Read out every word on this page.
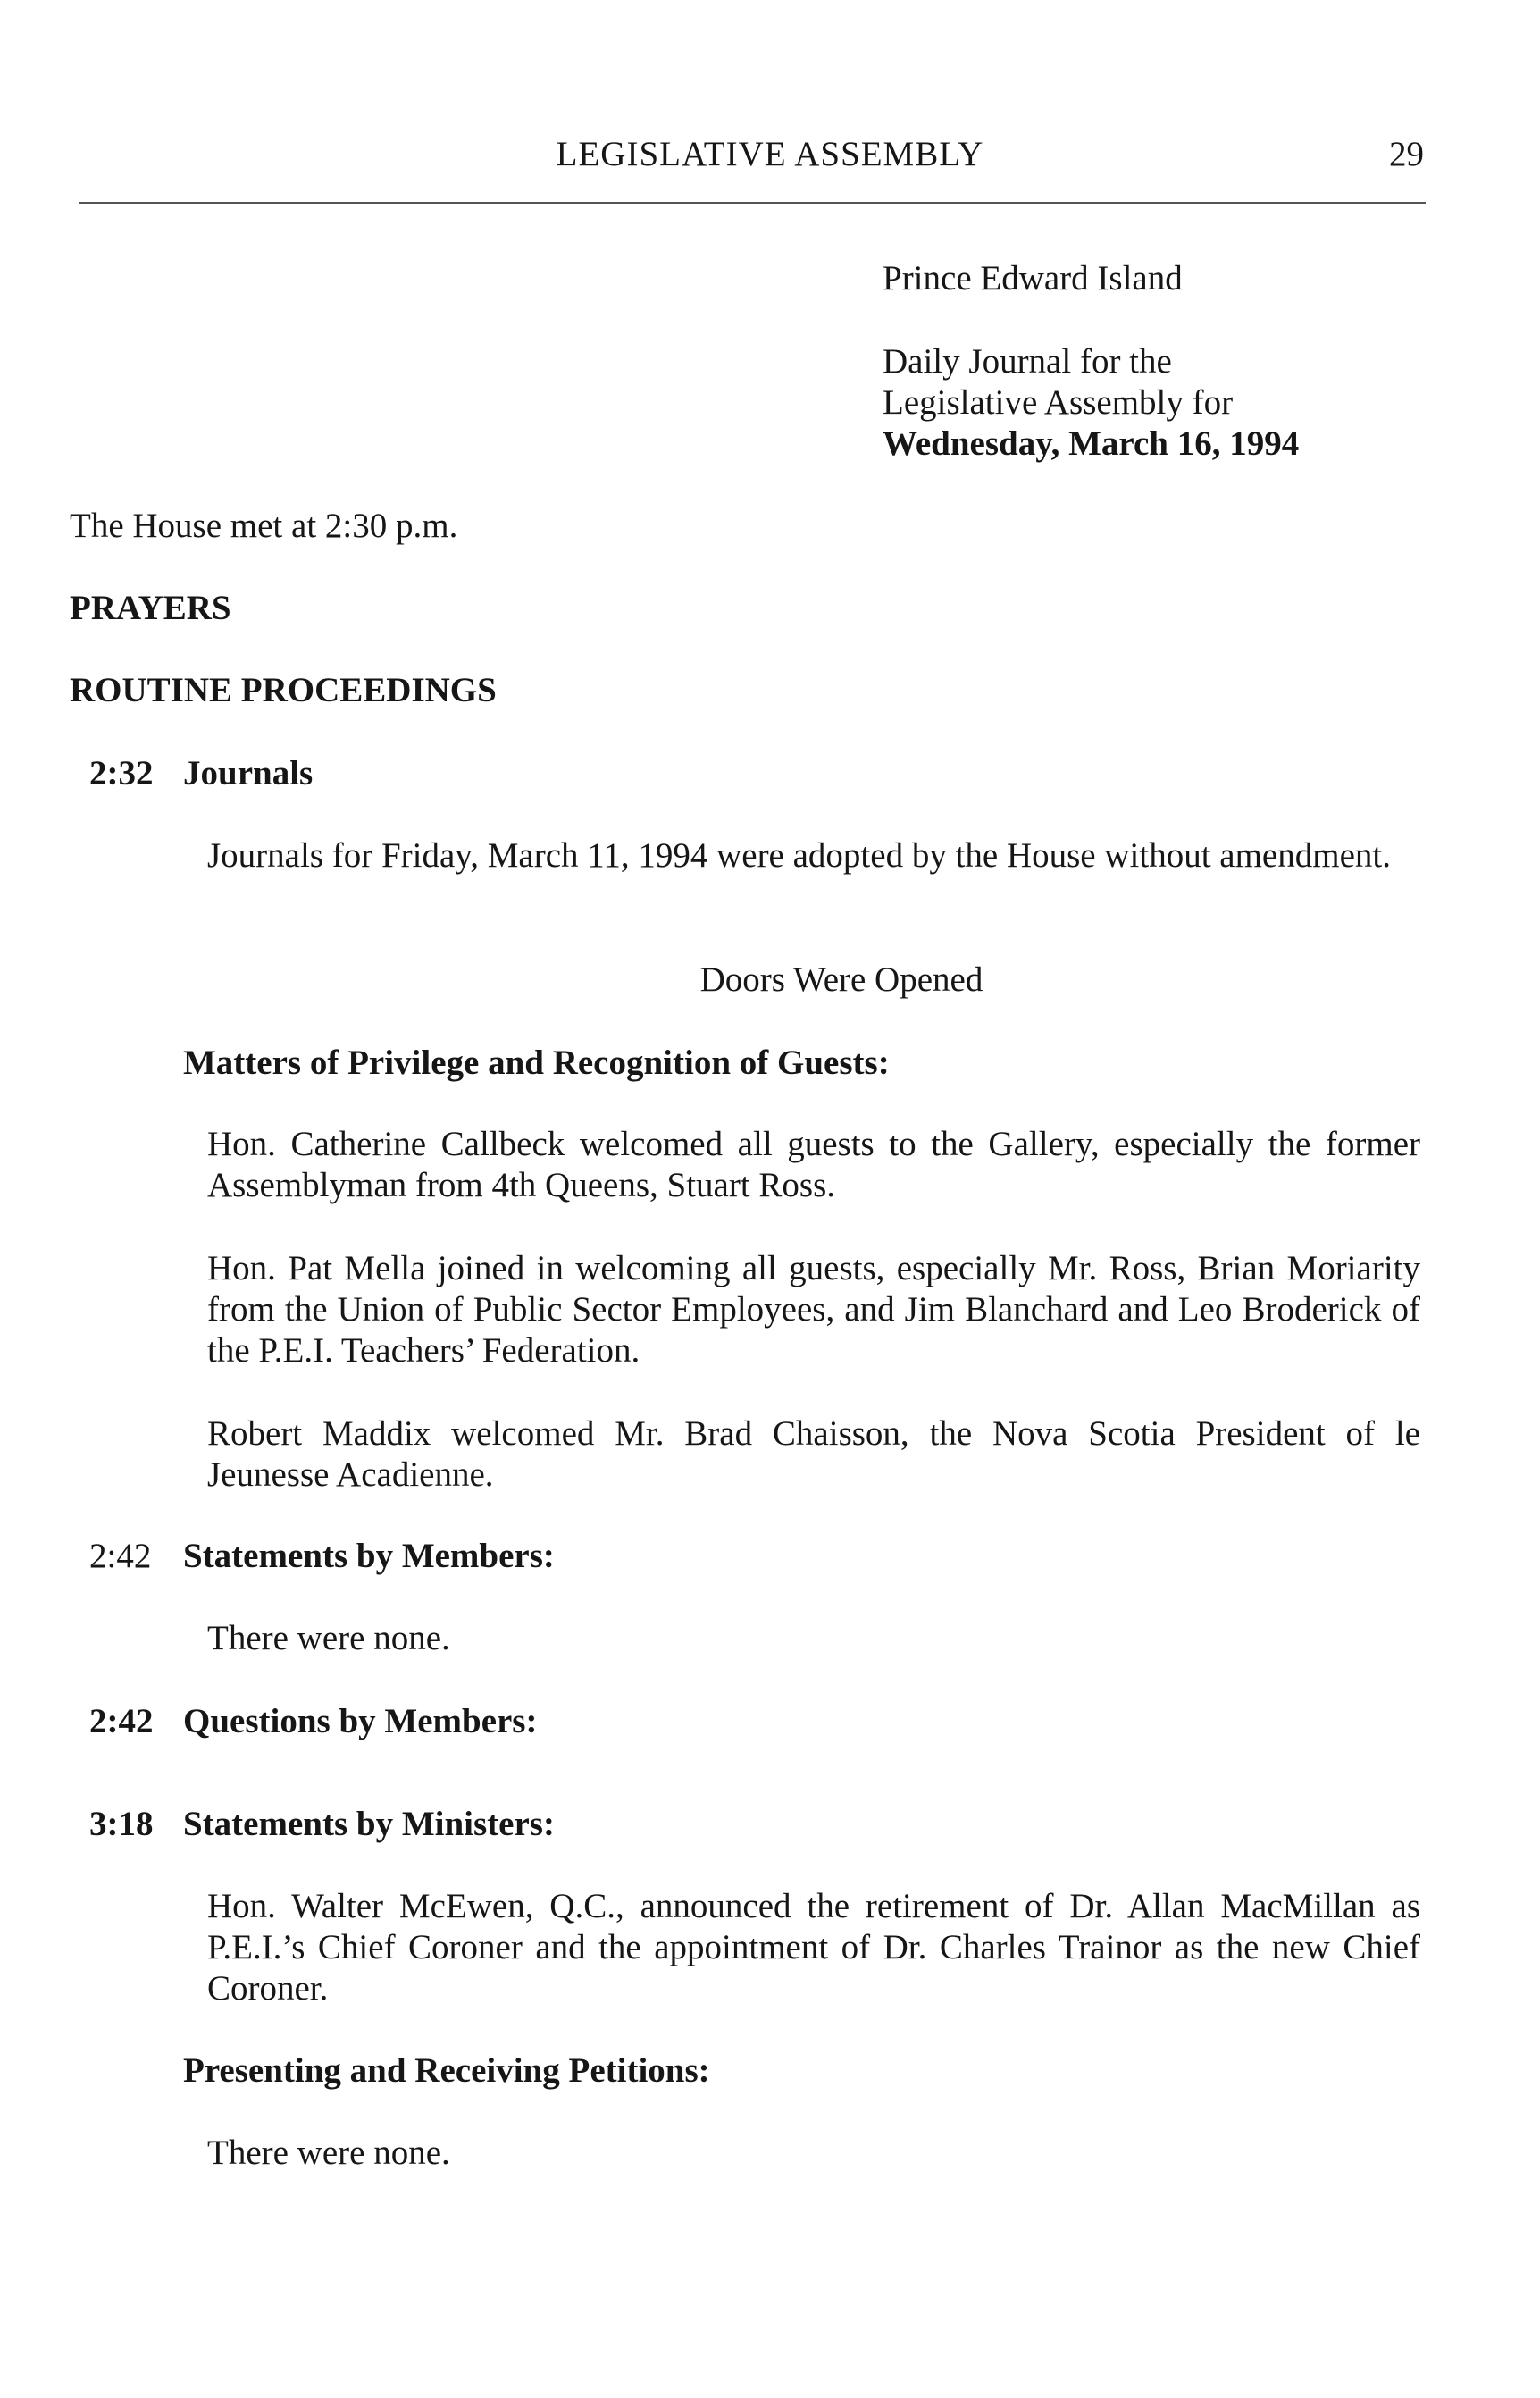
LEGISLATIVE ASSEMBLY	29
Prince Edward Island
Daily Journal for the
Legislative Assembly for
Wednesday, March 16, 1994
The House met at 2:30 p.m.
PRAYERS
ROUTINE PROCEEDINGS
2:32 Journals
Journals for Friday, March 11, 1994 were adopted by the House without amendment.
Doors Were Opened
Matters of Privilege and Recognition of Guests:
Hon. Catherine Callbeck welcomed all guests to the Gallery, especially the former Assemblyman from 4th Queens, Stuart Ross.
Hon. Pat Mella joined in welcoming all guests, especially Mr. Ross, Brian Moriarity from the Union of Public Sector Employees, and Jim Blanchard and Leo Broderick of the P.E.I. Teachers’ Federation.
Robert Maddix welcomed Mr. Brad Chaisson, the Nova Scotia President of le Jeunesse Acadienne.
2:42 Statements by Members:
There were none.
2:42 Questions by Members:
3:18 Statements by Ministers:
Hon. Walter McEwen, Q.C., announced the retirement of Dr. Allan MacMillan as P.E.I.’s Chief Coroner and the appointment of Dr. Charles Trainor as the new Chief Coroner.
Presenting and Receiving Petitions:
There were none.
